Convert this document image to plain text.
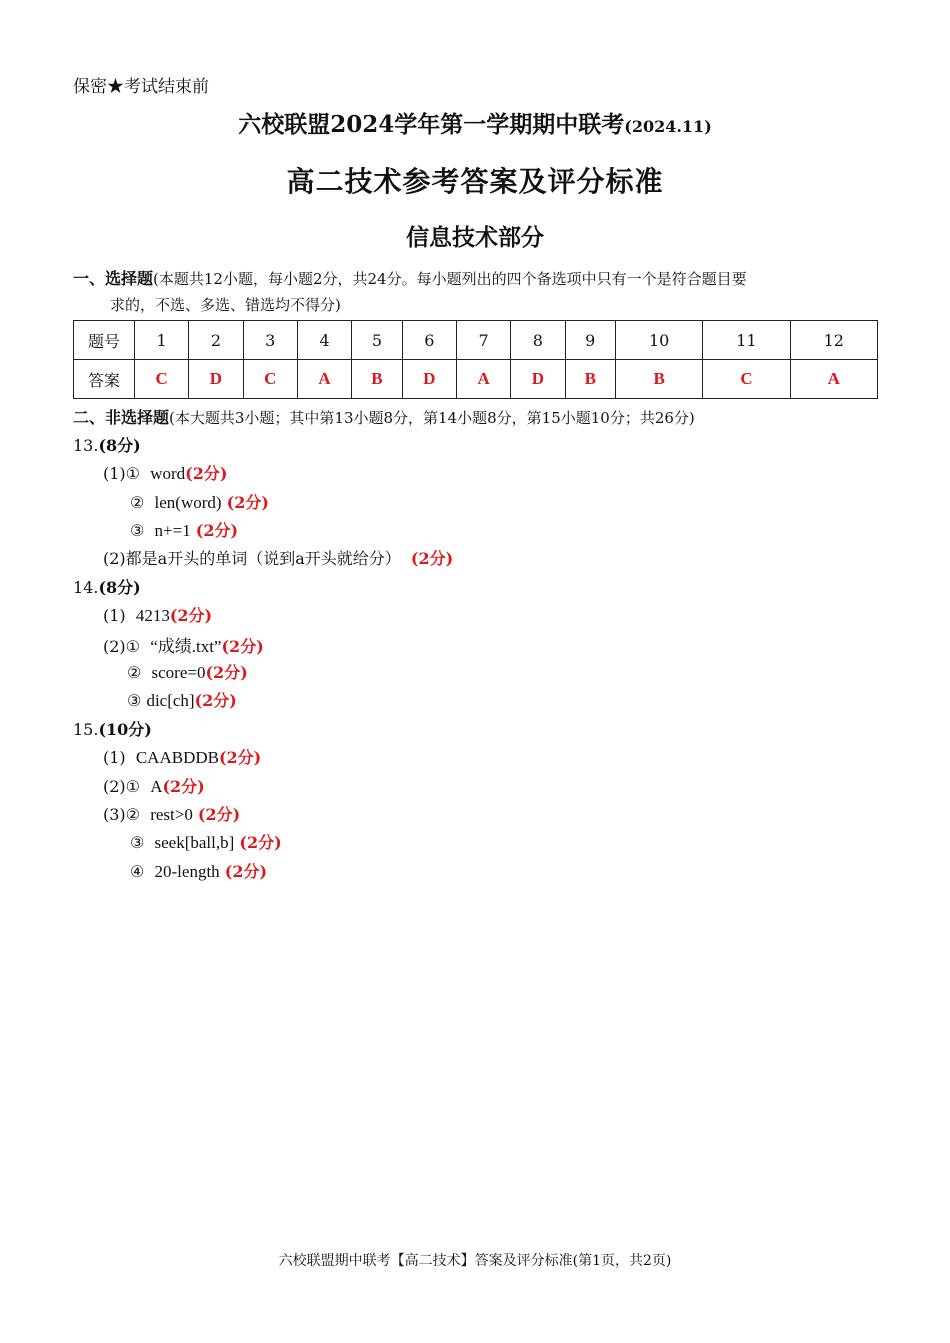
保密★考试结束前
六校联盟2024学年第一学期期中联考(2024.11)
高二技术参考答案及评分标准
信息技术部分
一、选择题(本题共12小题，每小题2分，共24分。每小题列出的四个备选项中只有一个是符合题目要
求的，不选、多选、错选均不得分)
题号	1	2	3	4	5	6	7	8	9	10	11	12
答案	C	D	C	A	B	D	A	D	B	B	C	A
二、非选择题(本大题共3小题；其中第13小题8分，第14小题8分，第15小题10分；共26分)
13.(8分)
(1)① word(2分)
② len(word) (2分)
③ n+=1 (2分)
(2)都是a开头的单词（说到a开头就给分） (2分)
14.(8分)
(1) 4213(2分)
(2)① “成绩.txt”(2分)
② score=0(2分)
③ dic[ch](2分)
15.(10分)
(1) CAABDDB(2分)
(2)① A(2分)
(3)② rest>0 (2分)
③ seek[ball,b] (2分)
④ 20-length (2分)
六校联盟期中联考【高二技术】答案及评分标准(第1页，共2页)
